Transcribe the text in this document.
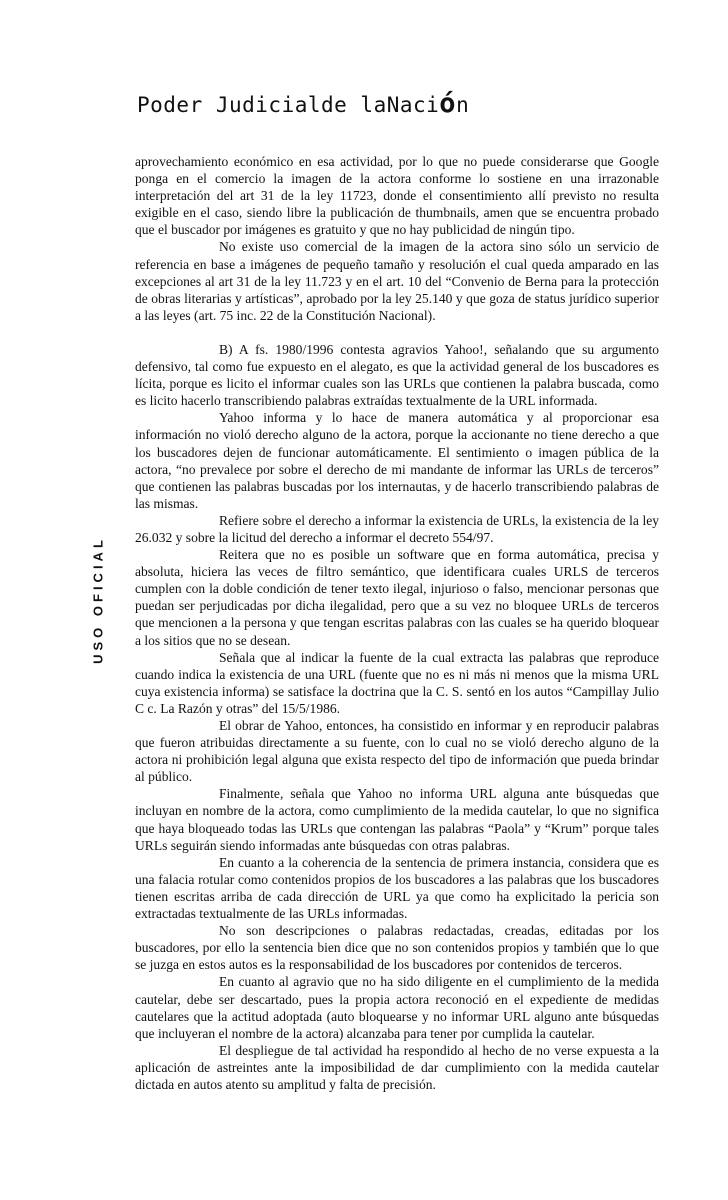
Poder Judicialde laNación
USO OFICIAL

aprovechamiento económico en esa actividad, por lo que no puede considerarse que Google ponga en el comercio la imagen de la actora conforme lo sostiene en una irrazonable interpretación del art 31 de la ley 11723, donde el consentimiento allí previsto no resulta exigible en el caso, siendo libre la publicación de thumbnails, amen que se encuentra probado que el buscador por imágenes es gratuito y que no hay publicidad de ningún tipo.

No existe uso comercial de la imagen de la actora sino sólo un servicio de referencia en base a imágenes de pequeño tamaño y resolución el cual queda amparado en las excepciones al art 31 de la ley 11.723 y en el art. 10 del “Convenio de Berna para la protección de obras literarias y artísticas”, aprobado por la ley 25.140 y que goza de status jurídico superior a las leyes (art. 75 inc. 22 de la Constitución Nacional).

B) A fs. 1980/1996 contesta agravios Yahoo!, señalando que su argumento defensivo, tal como fue expuesto en el alegato, es que la actividad general de los buscadores es lícita, porque es licito el informar cuales son las URLs que contienen la palabra buscada, como es licito hacerlo transcribiendo palabras extraídas textualmente de la URL informada.

Yahoo informa y lo hace de manera automática y al proporcionar esa información no violó derecho alguno de la actora, porque la accionante no tiene derecho a que los buscadores dejen de funcionar automáticamente. El sentimiento o imagen pública de la actora, “no prevalece por sobre el derecho de mi mandante de informar las URLs de terceros” que contienen las palabras buscadas por los internautas, y de hacerlo transcribiendo palabras de las mismas.

Refiere sobre el derecho a informar la existencia de URLs, la existencia de la ley 26.032 y sobre la licitud del derecho a informar el decreto 554/97.

Reitera que no es posible un software que en forma automática, precisa y absoluta, hiciera las veces de filtro semántico, que identificara cuales URLS de terceros cumplen con la doble condición de tener texto ilegal, injurioso o falso, mencionar personas que puedan ser perjudicadas por dicha ilegalidad, pero que a su vez no bloquee URLs de terceros que mencionen a la persona y que tengan escritas palabras con las cuales se ha querido bloquear a los sitios que no se desean.

Señala que al indicar la fuente de la cual extracta las palabras que reproduce cuando indica la existencia de una URL (fuente que no es ni más ni menos que la misma URL cuya existencia informa) se satisface la doctrina que la C. S. sentó en los autos “Campillay Julio C c. La Razón y otras” del 15/5/1986.

El obrar de Yahoo, entonces, ha consistido en informar y en reproducir palabras que fueron atribuidas directamente a su fuente, con lo cual no se violó derecho alguno de la actora ni prohibición legal alguna que exista respecto del tipo de información que pueda brindar al público.

Finalmente, señala que Yahoo no informa URL alguna ante búsquedas que incluyan en nombre de la actora, como cumplimiento de la medida cautelar, lo que no significa que haya bloqueado todas las URLs que contengan las palabras “Paola” y “Krum” porque tales URLs seguirán siendo informadas ante búsquedas con otras palabras.

En cuanto a la coherencia de la sentencia de primera instancia, considera que es una falacia rotular como contenidos propios de los buscadores a las palabras que los buscadores tienen escritas arriba de cada dirección de URL ya que como ha explicitado la pericia son extractadas textualmente de las URLs informadas.

No son descripciones o palabras redactadas, creadas, editadas por los buscadores, por ello la sentencia bien dice que no son contenidos propios y también que lo que se juzga en estos autos es la responsabilidad de los buscadores por contenidos de terceros.

En cuanto al agravio que no ha sido diligente en el cumplimiento de la medida cautelar, debe ser descartado, pues la propia actora reconoció en el expediente de medidas cautelares que la actitud adoptada (auto bloquearse y no informar URL alguno ante búsquedas que incluyeran el nombre de la actora) alcanzaba para tener por cumplida la cautelar.

El despliegue de tal actividad ha respondido al hecho de no verse expuesta a la aplicación de astreintes ante la imposibilidad de dar cumplimiento con la medida cautelar dictada en autos atento su amplitud y falta de precisión.
